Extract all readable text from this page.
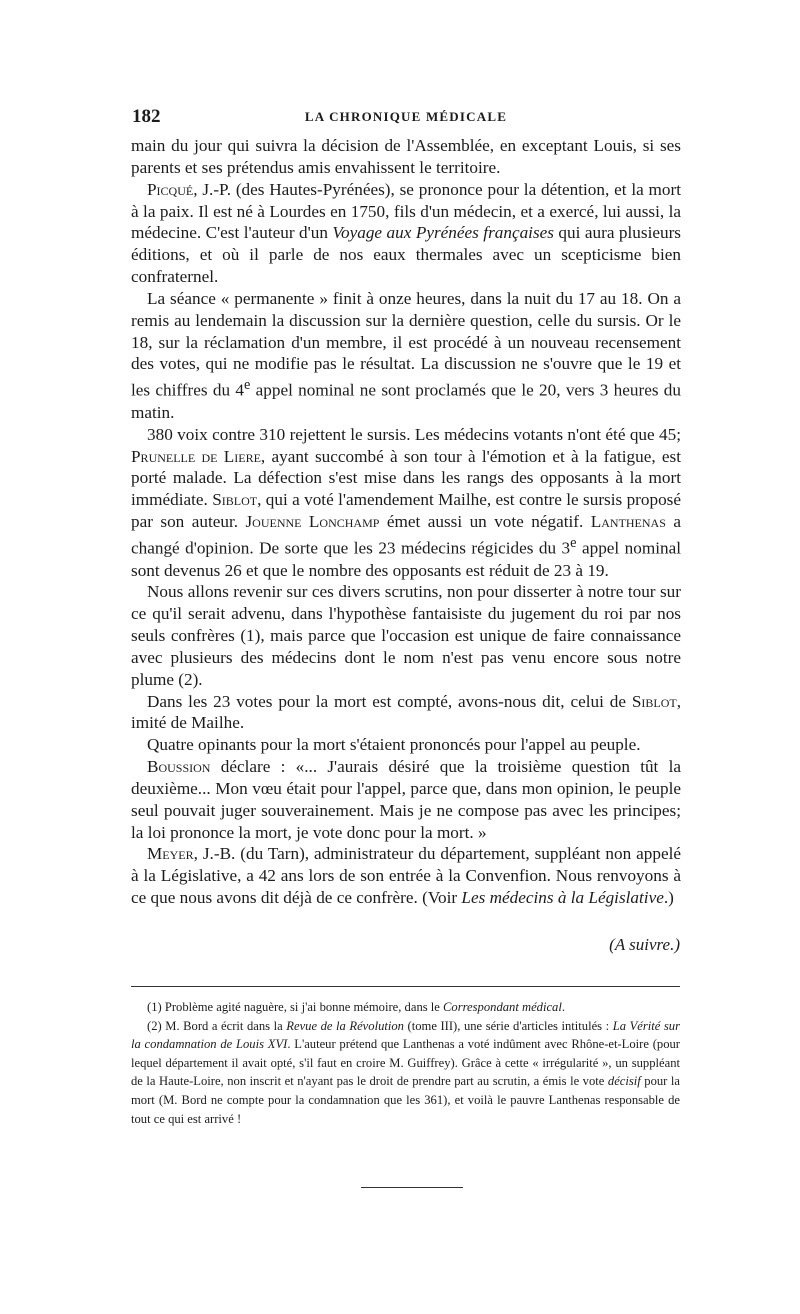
182	LA CHRONIQUE MÉDICALE

main du jour qui suivra la décision de l'Assemblée, en exceptant Louis, si ses parents et ses prétendus amis envahissent le territoire.

Picqué, J.-P. (des Hautes-Pyrénées), se prononce pour la détention, et la mort à la paix. Il est né à Lourdes en 1750, fils d'un médecin, et a exercé, lui aussi, la médecine. C'est l'auteur d'un Voyage aux Pyrénées françaises qui aura plusieurs éditions, et où il parle de nos eaux thermales avec un scepticisme bien confraternel.

La séance « permanente » finit à onze heures, dans la nuit du 17 au 18. On a remis au lendemain la discussion sur la dernière question, celle du sursis. Or le 18, sur la réclamation d'un membre, il est procédé à un nouveau recensement des votes, qui ne modifie pas le résultat. La discussion ne s'ouvre que le 19 et les chiffres du 4e appel nominal ne sont proclamés que le 20, vers 3 heures du matin.

380 voix contre 310 rejettent le sursis. Les médecins votants n'ont été que 45; Prunelle de Liere, ayant succombé à son tour à l'émotion et à la fatigue, est porté malade. La défection s'est mise dans les rangs des opposants à la mort immédiate. Siblot, qui a voté l'amendement Mailhe, est contre le sursis proposé par son auteur. Jouenne Lonchamp émet aussi un vote négatif. Lanthenas a changé d'opinion. De sorte que les 23 médecins régicides du 3e appel nominal sont devenus 26 et que le nombre des opposants est réduit de 23 à 19.

Nous allons revenir sur ces divers scrutins, non pour disserter à notre tour sur ce qu'il serait advenu, dans l'hypothèse fantaisiste du jugement du roi par nos seuls confrères (1), mais parce que l'occasion est unique de faire connaissance avec plusieurs des médecins dont le nom n'est pas venu encore sous notre plume (2).

Dans les 23 votes pour la mort est compté, avons-nous dit, celui de Siblot, imité de Mailhe.

Quatre opinants pour la mort s'étaient prononcés pour l'appel au peuple.

Boussion déclare : «... J'aurais désiré que la troisième question tût la deuxième... Mon vœu était pour l'appel, parce que, dans mon opinion, le peuple seul pouvait juger souverainement. Mais je ne compose pas avec les principes; la loi prononce la mort, je vote donc pour la mort. »

Meyer, J.-B. (du Tarn), administrateur du département, suppléant non appelé à la Législative, a 42 ans lors de son entrée à la Convenfion. Nous renvoyons à ce que nous avons dit déjà de ce confrère. (Voir Les médecins à la Législative.)

(A suivre.)

(1) Problème agité naguère, si j'ai bonne mémoire, dans le Correspondant médical.

(2) M. Bord a écrit dans la Revue de la Révolution (tome III), une série d'articles intitulés : La Vérité sur la condamnation de Louis XVI. L'auteur prétend que Lanthenas a voté indûment avec Rhône-et-Loire (pour lequel département il avait opté, s'il faut en croire M. Guiffrey). Grâce à cette « irrégularité », un suppléant de la Haute-Loire, non inscrit et n'ayant pas le droit de prendre part au scrutin, a émis le vote décisif pour la mort (M. Bord ne compte pour la condamnation que les 361), et voilà le pauvre Lanthenas responsable de tout ce qui est arrivé !
